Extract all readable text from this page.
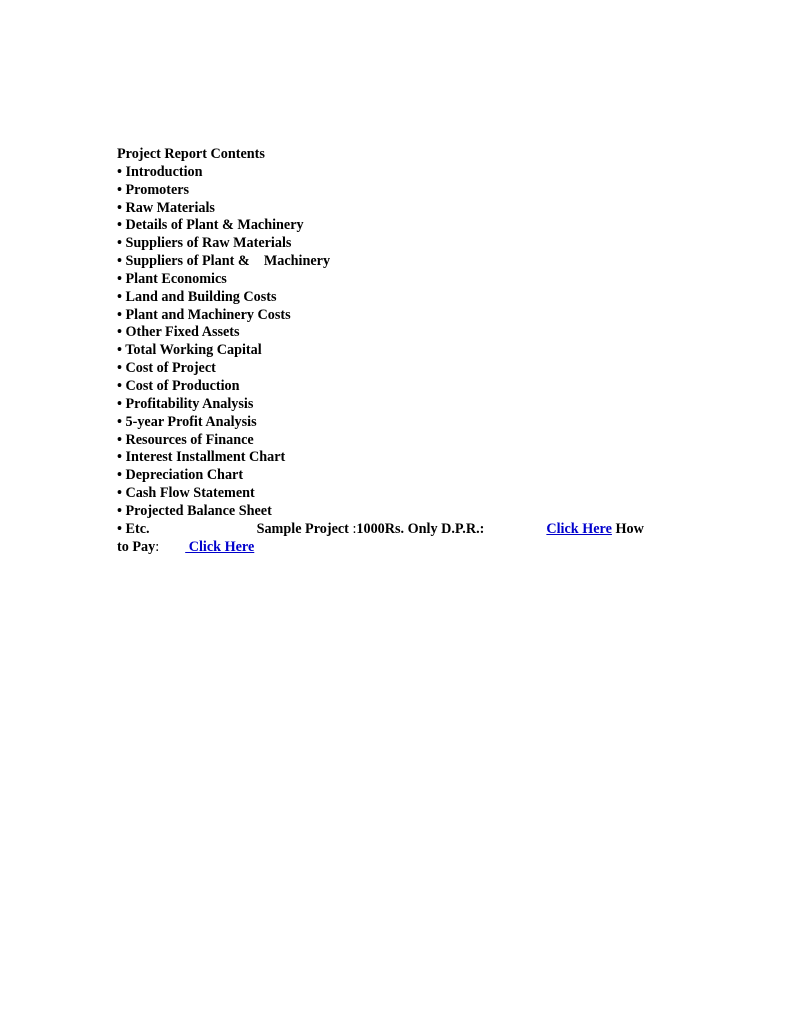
Project Report Contents
• Introduction
• Promoters
• Raw Materials
• Details of Plant & Machinery
• Suppliers of Raw Materials
• Suppliers of Plant &    Machinery
• Plant Economics
• Land and Building Costs
• Plant and Machinery Costs
• Other Fixed Assets
• Total Working Capital
• Cost of Project
• Cost of Production
• Profitability Analysis
• 5-year Profit Analysis
• Resources of Finance
• Interest Installment Chart
• Depreciation Chart
• Cash Flow Statement
• Projected Balance Sheet
• Etc.	Sample Project :1000Rs. Only D.P.R.:	Click Here How
to Pay: Click Here
